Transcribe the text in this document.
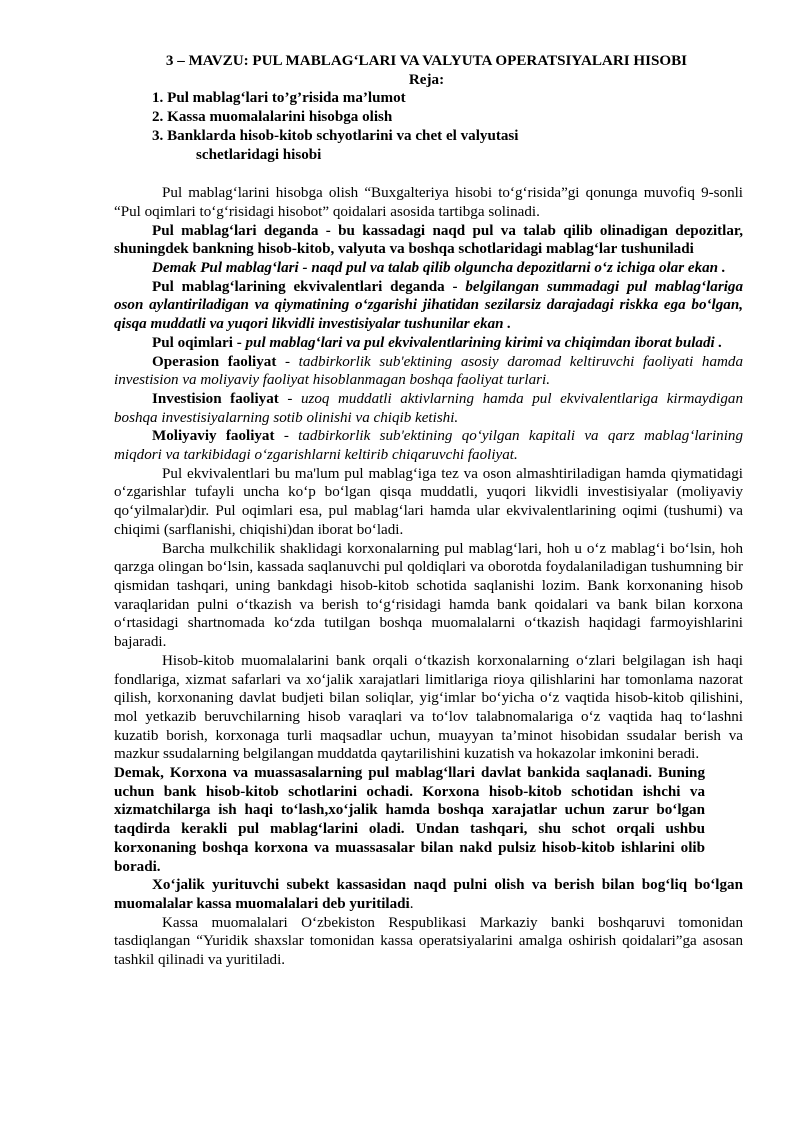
3 – MAVZU: PUL MABLAG‘LARI VA VALYUTA OPERATSIYALARI HISOBI
Reja:
1. Pul mablag‘lari to’g’risida ma’lumot
2. Kassa muomalalarini hisobga olish
3. Banklarda hisob-kitob schyotlarini va chet el valyutasi
schetlaridagi hisobi

Pul mablag‘larini hisobga olish “Buxgalteriya hisobi to‘g‘risida”gi qonunga muvofiq 9-sonli “Pul oqimlari to‘g‘risidagi hisobot” qoidalari asosida tartibga solinadi.

Pul mablag‘lari deganda - bu kassadagi naqd pul va talab qilib olinadigan depozitlar, shuningdek bankning hisob-kitob, valyuta va boshqa schotlaridagi mablag‘lar tushuniladi

Demak Pul mablag‘lari - naqd pul va talab qilib olguncha depozitlarni o‘z ichiga olar ekan .

Pul mablag‘larining ekvivalentlari deganda - belgilangan summadagi pul mablag‘lariga oson aylantiriladigan va qiymatining o‘zgarishi jihatidan sezilarsiz darajadagi riskka ega bo‘lgan, qisqa muddatli va yuqori likvidli investisiyalar tushunilar ekan .

Pul oqimlari - pul mablag‘lari va pul ekvivalentlarining kirimi va chiqimdan iborat buladi .

Operasion faoliyat - tadbirkorlik sub'ektining asosiy daromad keltiruvchi faoliyati hamda investision va moliyaviy faoliyat hisoblanmagan boshqa faoliyat turlari.

Investision faoliyat - uzoq muddatli aktivlarning hamda pul ekvivalentlariga kirmaydigan boshqa investisiyalarning sotib olinishi va chiqib ketishi.

Moliyaviy faoliyat - tadbirkorlik sub'ektining qo‘yilgan kapitali va qarz mablag‘larining miqdori va tarkibidagi o‘zgarishlarni keltirib chiqaruvchi faoliyat.

Pul ekvivalentlari bu ma'lum pul mablag‘iga tez va oson almashtiriladigan hamda qiymatidagi o‘zgarishlar tufayli uncha ko‘p bo‘lgan qisqa muddatli, yuqori likvidli investisiyalar (moliyaviy qo‘yilmalar)dir. Pul oqimlari esa, pul mablag‘lari hamda ular ekvivalentlarining oqimi (tushumi) va chiqimi (sarflanishi, chiqishi)dan iborat bo‘ladi.

Barcha mulkchilik shaklidagi korxonalarning pul mablag‘lari, hoh u o‘z mablag‘i bo‘lsin, hoh qarzga olingan bo‘lsin, kassada saqlanuvchi pul qoldiqlari va oborotda foydalaniladigan tushumning bir qismidan tashqari, uning bankdagi hisob-kitob schotida saqlanishi lozim. Bank korxonaning hisob varaqlaridan pulni o‘tkazish va berish to‘g‘risidagi hamda bank qoidalari va bank bilan korxona o‘rtasidagi shartnomada ko‘zda tutilgan boshqa muomalalarni o‘tkazish haqidagi farmoyishlarini bajaradi.

Hisob-kitob muomalalarini bank orqali o‘tkazish korxonalarning o‘zlari belgilagan ish haqi fondlariga, xizmat safarlari va xo‘jalik xarajatlari limitlariga rioya qilishlarini har tomonlama nazorat qilish, korxonaning davlat budjeti bilan soliqlar, yig‘imlar bo‘yicha o‘z vaqtida hisob-kitob qilishini, mol yetkazib beruvchilarning hisob varaqlari va to‘lov talabnomalariga o‘z vaqtida haq to‘lashni kuzatib borish, korxonaga turli maqsadlar uchun, muayyan ta’minot hisobidan ssudalar berish va mazkur ssudalarning belgilangan muddatda qaytarilishini kuzatish va hokazolar imkonini beradi.

Demak, Korxona va muassasalarning pul mablag‘llari davlat bankida saqlanadi. Buning uchun bank hisob-kitob schotlarini ochadi. Korxona hisob-kitob schotidan ishchi va xizmatchilarga ish haqi to‘lash,xo‘jalik hamda boshqa xarajatlar uchun zarur bo‘lgan taqdirda kerakli pul mablag‘larini oladi. Undan tashqari, shu schot orqali ushbu korxonaning boshqa korxona va muassasalar bilan nakd pulsiz hisob-kitob ishlarini olib boradi.

Xo‘jalik yurituvchi subekt kassasidan naqd pulni olish va berish bilan bog‘liq bo‘lgan muomalalar kassa muomalalari deb yuritiladi.

Kassa muomalalari O‘zbekiston Respublikasi Markaziy banki boshqaruvi tomonidan tasdiqlangan “Yuridik shaxslar tomonidan kassa operatsiyalarini amalga oshirish qoidalari”ga asosan tashkil qilinadi va yuritiladi.
